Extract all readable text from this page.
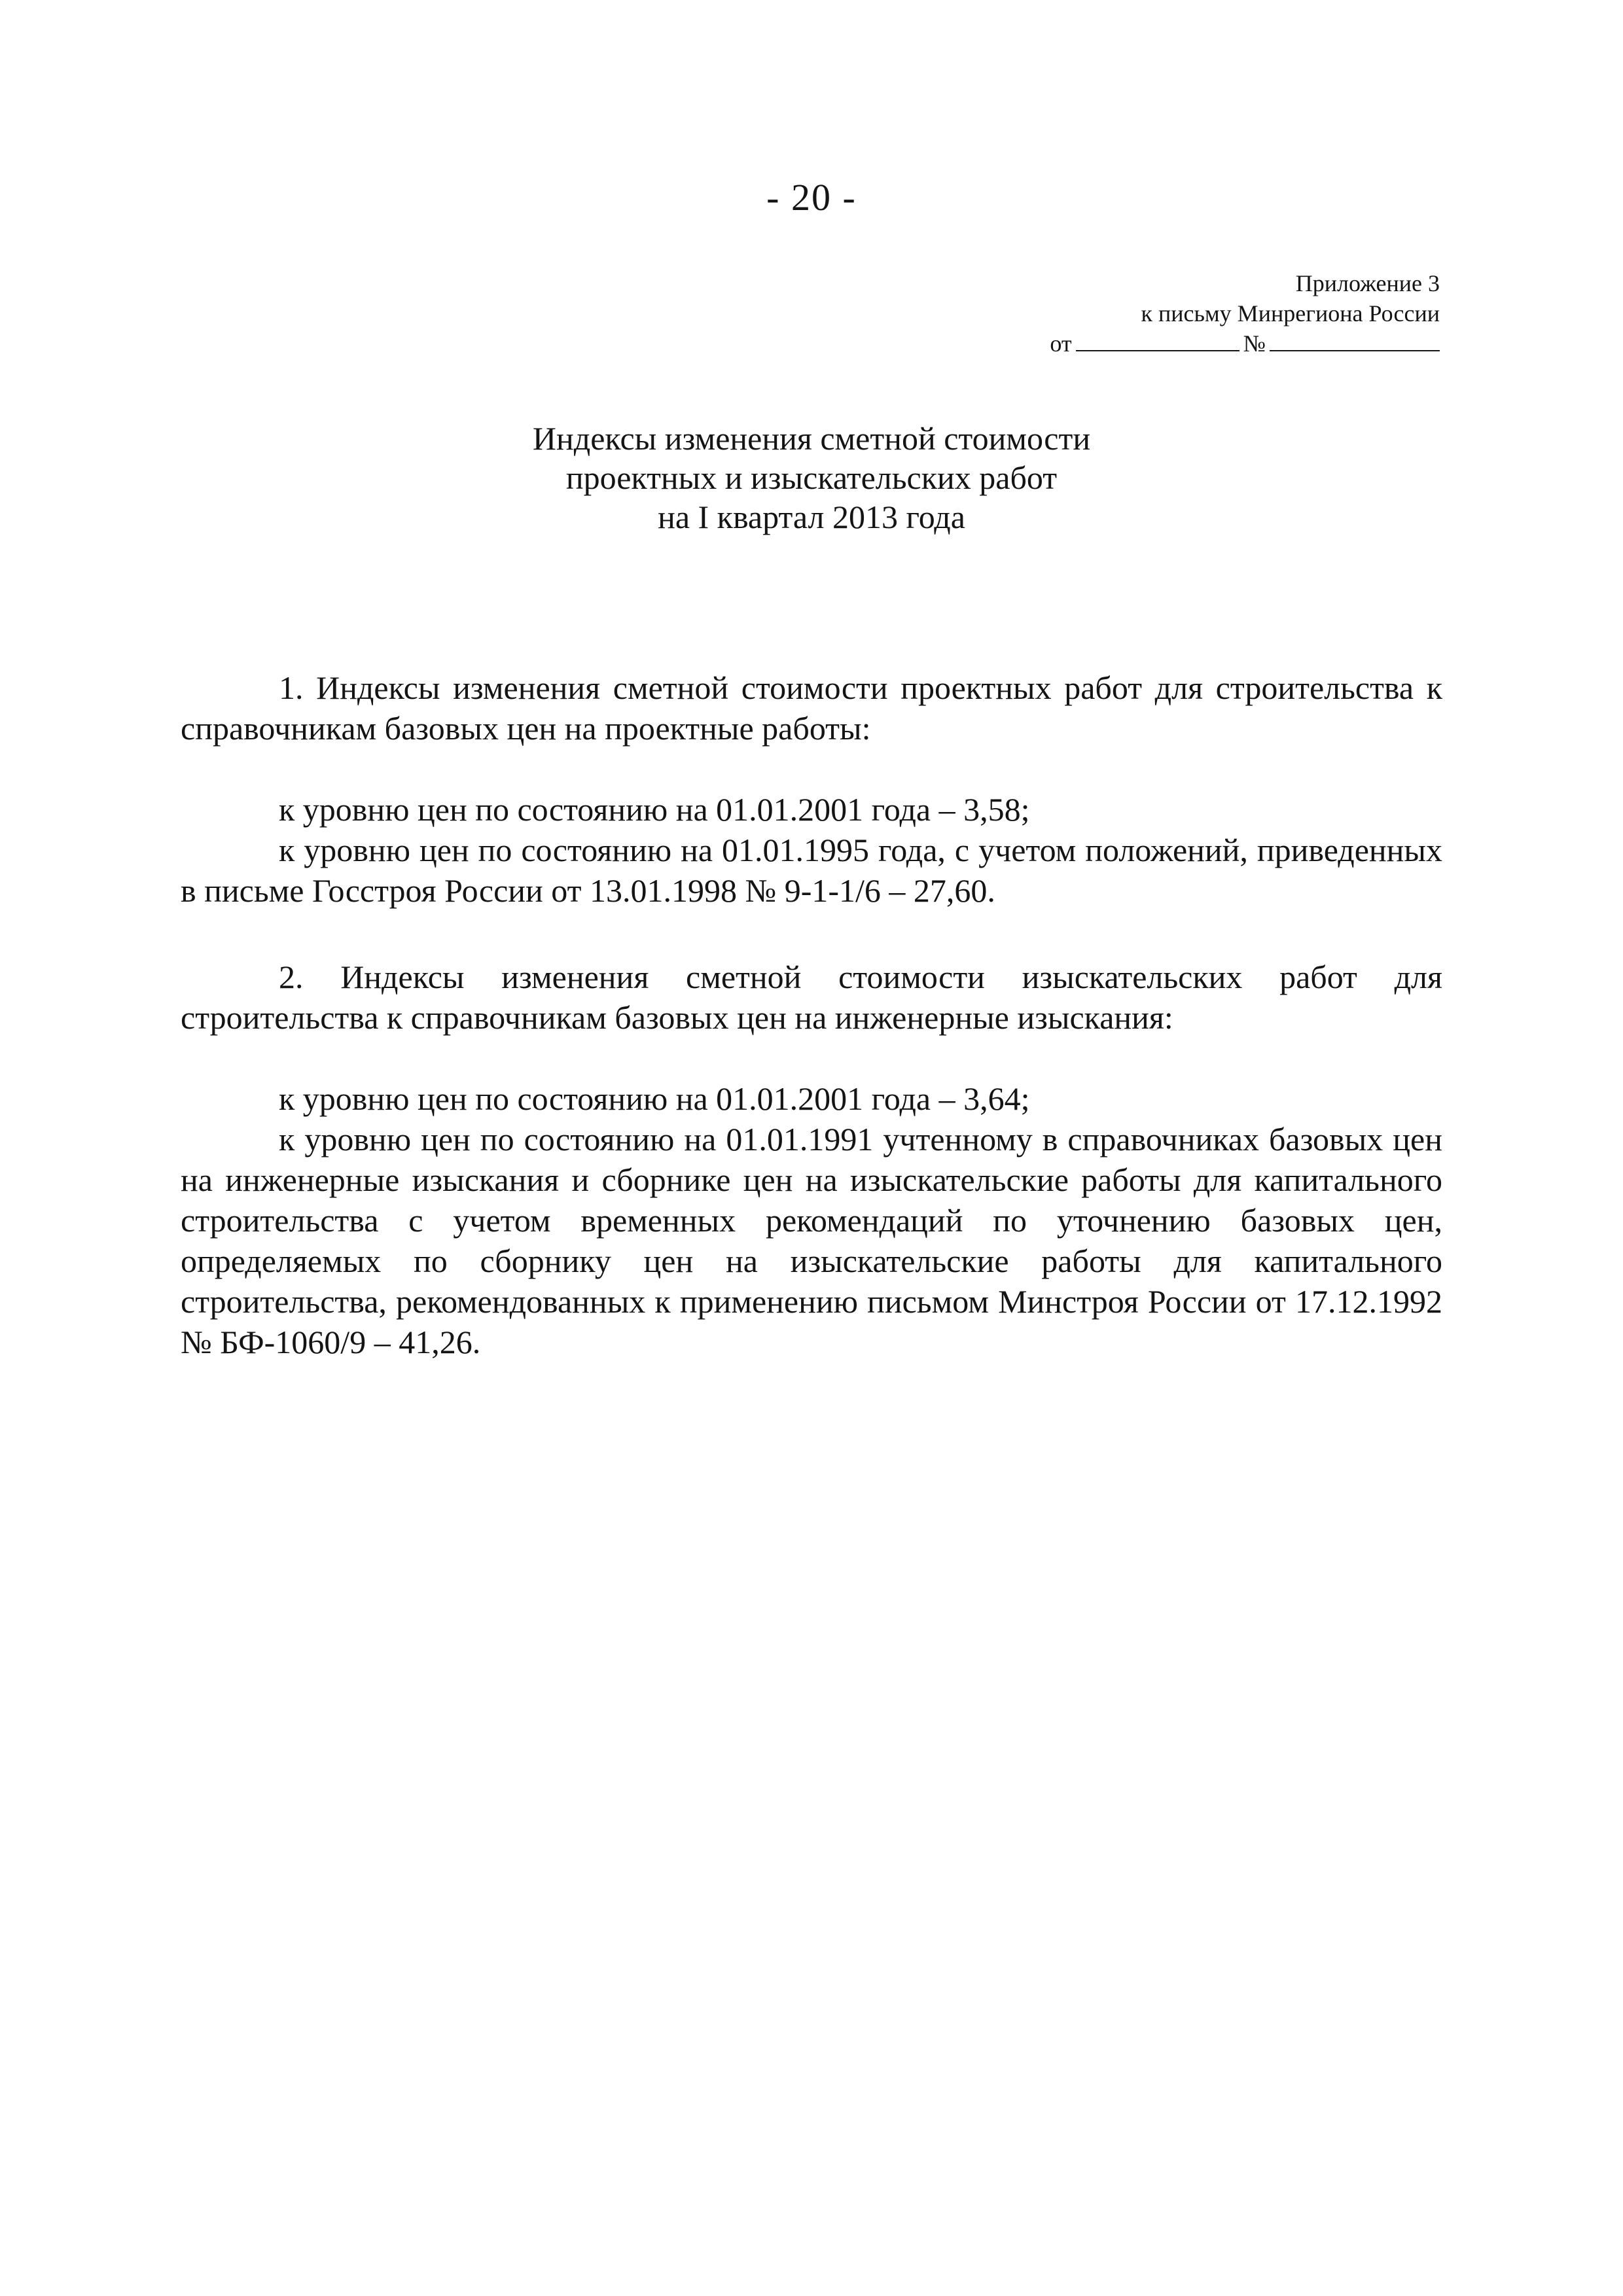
- 20 -
Приложение 3
к письму Минрегиона России
от	№
Индексы изменения сметной стоимости
проектных и изыскательских работ
на I квартал 2013 года
1. Индексы изменения сметной стоимости проектных работ для строительства к справочникам базовых цен на проектные работы:
к уровню цен по состоянию на 01.01.2001 года – 3,58;
к уровню цен по состоянию на 01.01.1995 года, с учетом положений, приведенных в письме Госстроя России от 13.01.1998 № 9-1-1/6 – 27,60.
2. Индексы изменения сметной стоимости изыскательских работ для строительства к справочникам базовых цен на инженерные изыскания:
к уровню цен по состоянию на 01.01.2001 года – 3,64;
к уровню цен по состоянию на 01.01.1991 учтенному в справочниках базовых цен на инженерные изыскания и сборнике цен на изыскательские работы для капитального строительства с учетом временных рекомендаций по уточнению базовых цен, определяемых по сборнику цен на изыскательские работы для капитального строительства, рекомендованных к применению письмом Минстроя России от 17.12.1992 № БФ-1060/9 – 41,26.
